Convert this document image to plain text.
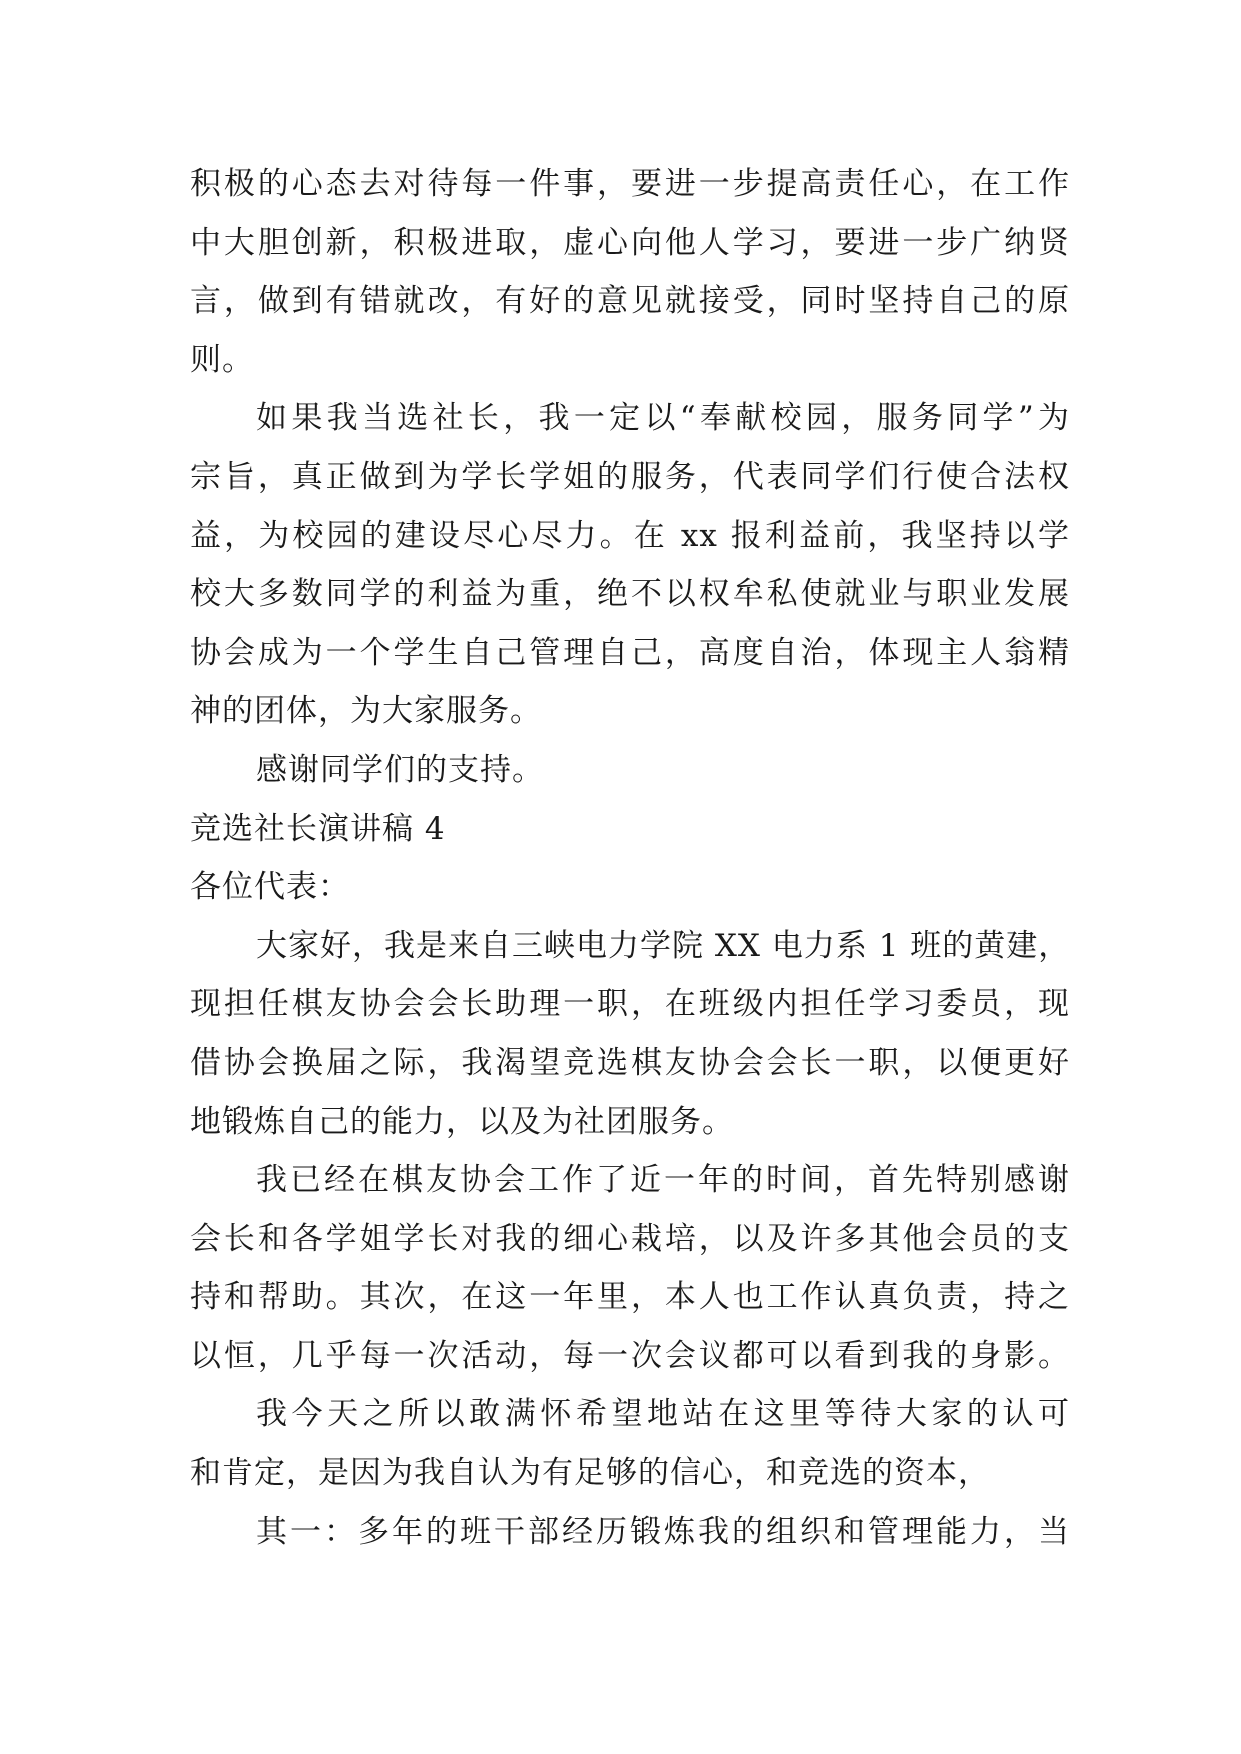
积极的心态去对待每一件事，要进一步提高责任心，在工作
中大胆创新，积极进取，虚心向他人学习，要进一步广纳贤
言，做到有错就改，有好的意见就接受，同时坚持自己的原
则。
如果我当选社长，我一定以“奉献校园，服务同学”为
宗旨，真正做到为学长学姐的服务，代表同学们行使合法权
益，为校园的建设尽心尽力。在 xx 报利益前，我坚持以学
校大多数同学的利益为重，绝不以权牟私使就业与职业发展
协会成为一个学生自己管理自己，高度自治，体现主人翁精
神的团体，为大家服务。
感谢同学们的支持。
竞选社长演讲稿 4
各位代表：
大家好，我是来自三峡电力学院 XX 电力系 1 班的黄建，
现担任棋友协会会长助理一职，在班级内担任学习委员，现
借协会换届之际，我渴望竞选棋友协会会长一职，以便更好
地锻炼自己的能力，以及为社团服务。
我已经在棋友协会工作了近一年的时间，首先特别感谢
会长和各学姐学长对我的细心栽培，以及许多其他会员的支
持和帮助。其次，在这一年里，本人也工作认真负责，持之
以恒，几乎每一次活动，每一次会议都可以看到我的身影。
我今天之所以敢满怀希望地站在这里等待大家的认可
和肯定，是因为我自认为有足够的信心，和竞选的资本，
其一：多年的班干部经历锻炼我的组织和管理能力，当
